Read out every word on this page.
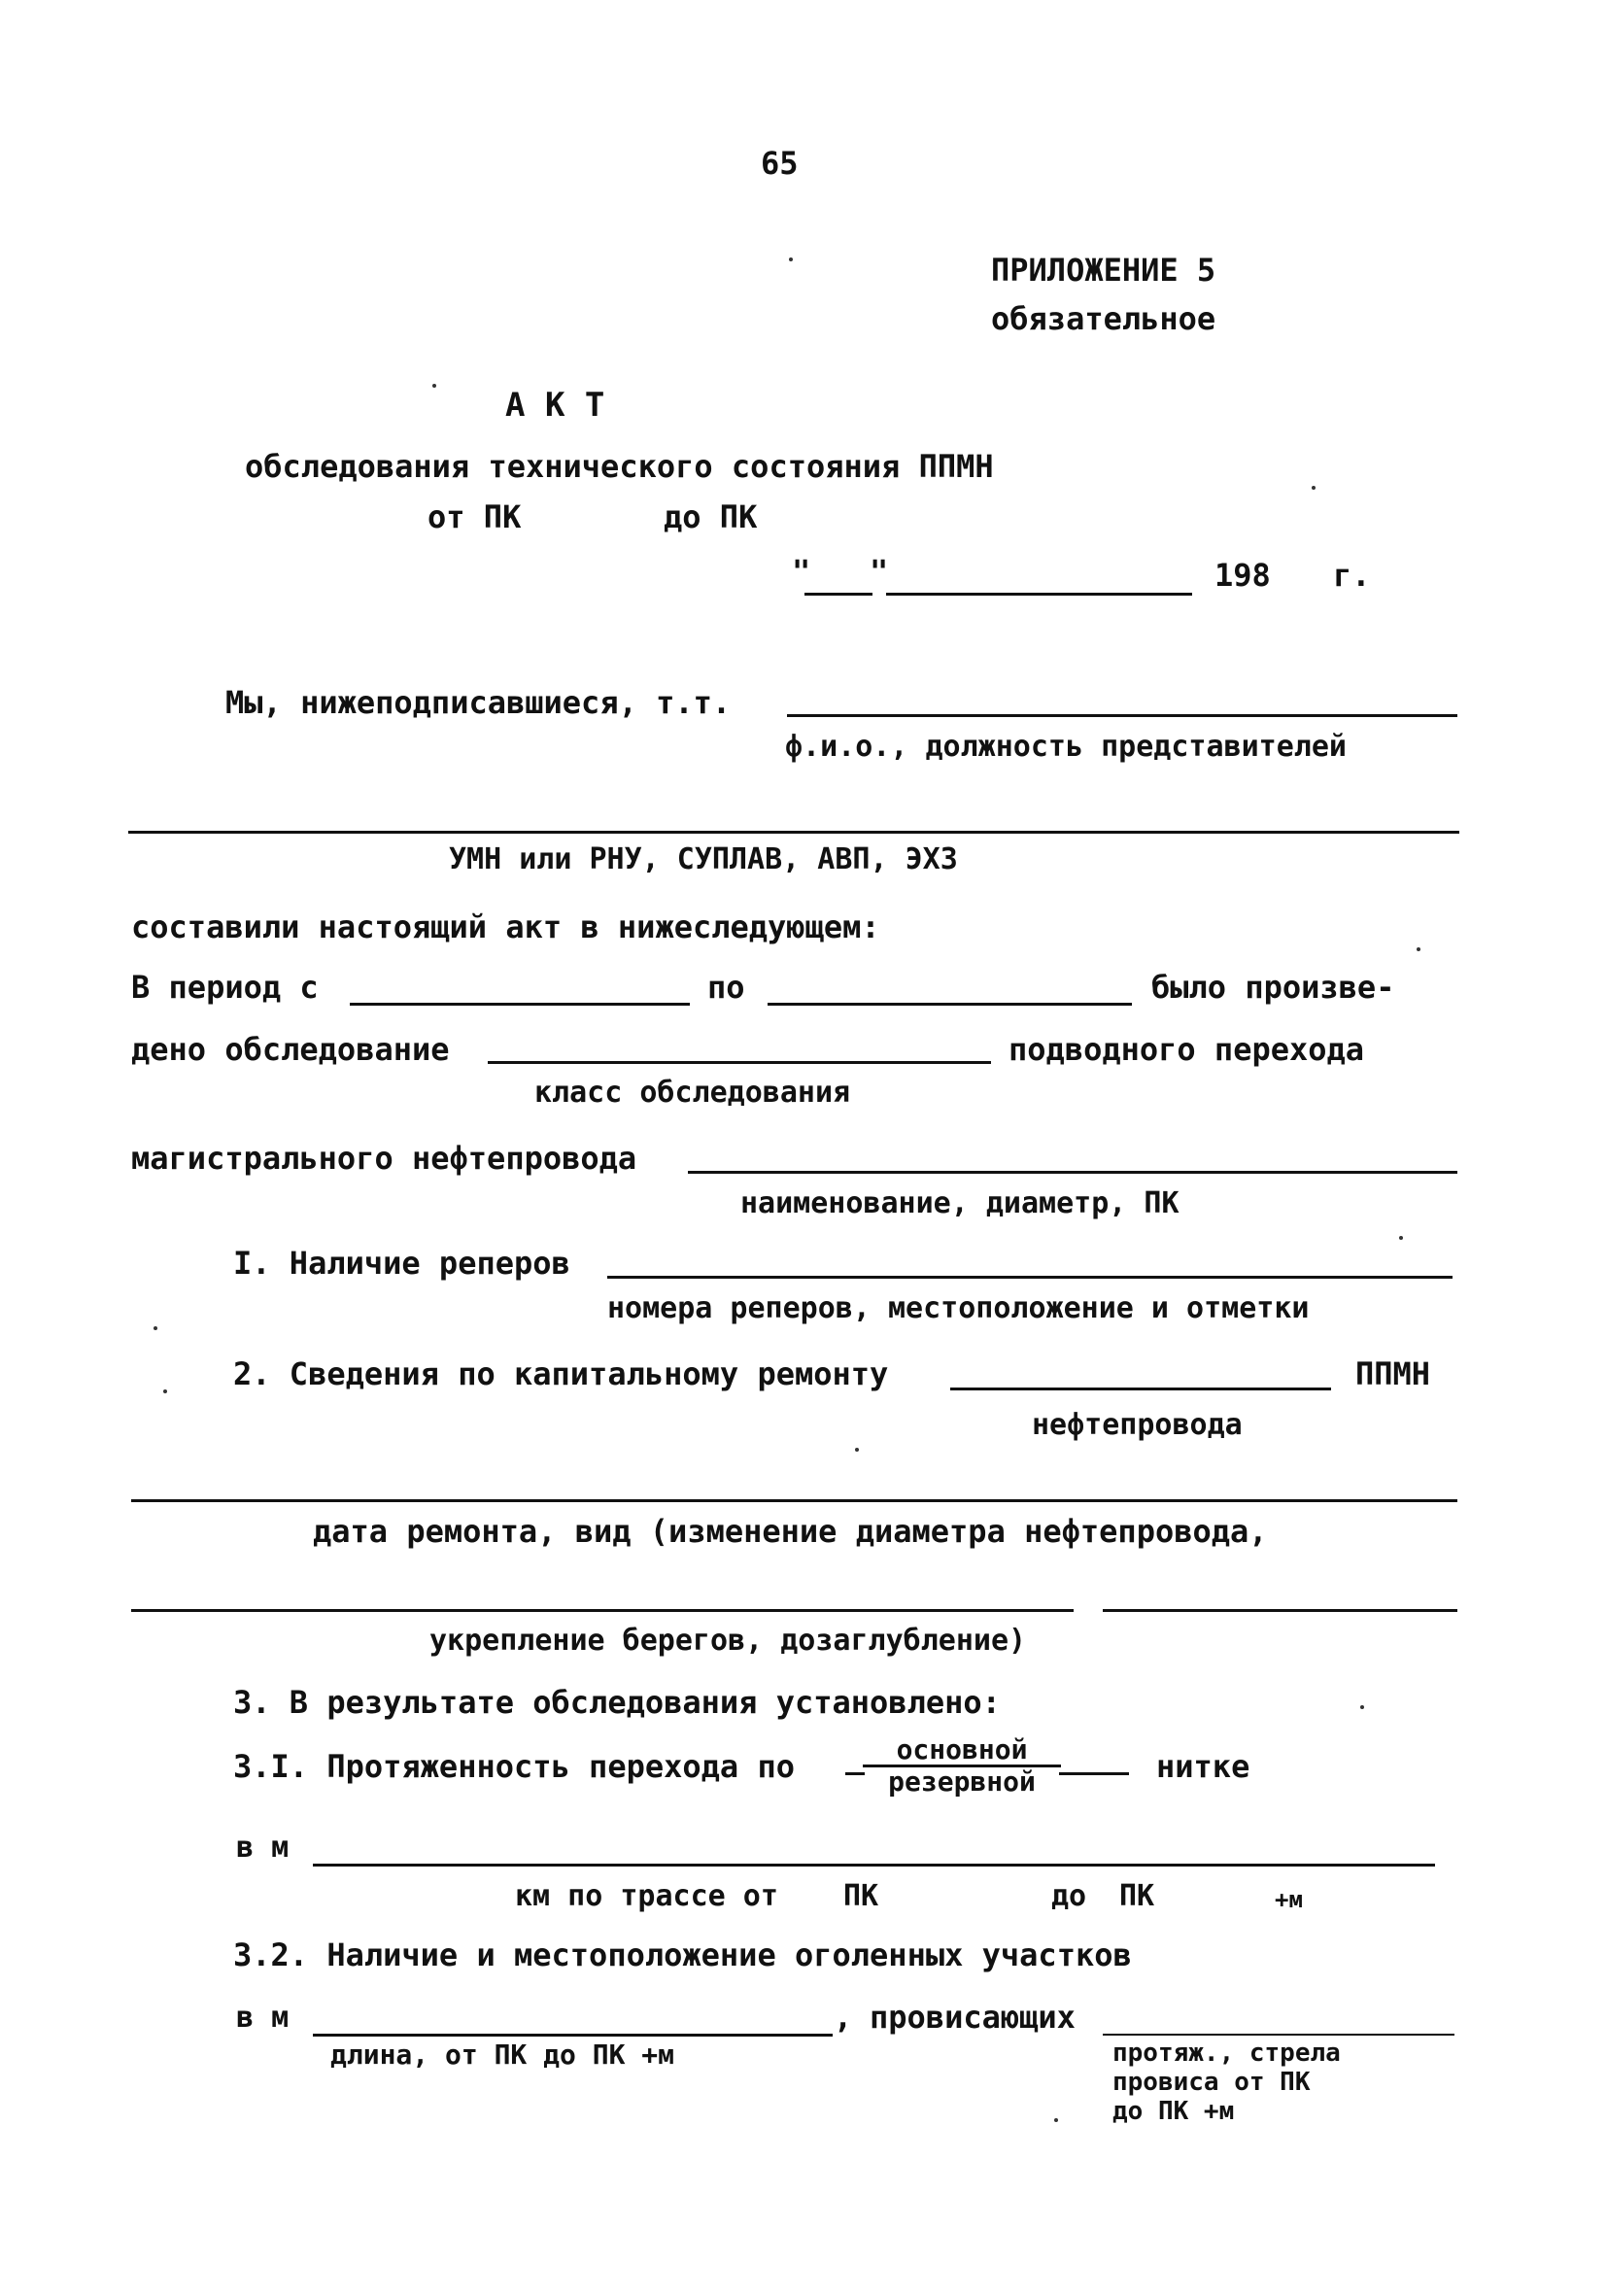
65
ПРИЛОЖЕНИЕ 5
обязательное
А К Т
обследования технического состояния ППМН
от ПК	до ПК
" "	198 г.
Мы, нижеподписавшиеся, т.т.
ф.и.о., должность представителей
УМН или РНУ, СУПЛАВ, АВП, ЭХЗ
составили настоящий акт в нижеследующем:
В период с	по	было произве-
дено обследование	подводного перехода
класс обследования
магистрального нефтепровода
наименование, диаметр, ПК
I. Наличие реперов
номера реперов, местоположение и отметки
2. Сведения по капитальному ремонту	ППМН
нефтепровода
дата ремонта, вид (изменение диаметра нефтепровода,
укрепление берегов, дозаглубление)
3. В результате обследования установлено:
3.I. Протяженность перехода по	основной
резервной	нитке
в м
км по трассе от ПК	до ПК	+м
3.2. Наличие и местоположение оголенных участков
в м	, провисающих
длина, от ПК до ПК +м	протяж., стрела
провиса от ПК
до ПК +м
